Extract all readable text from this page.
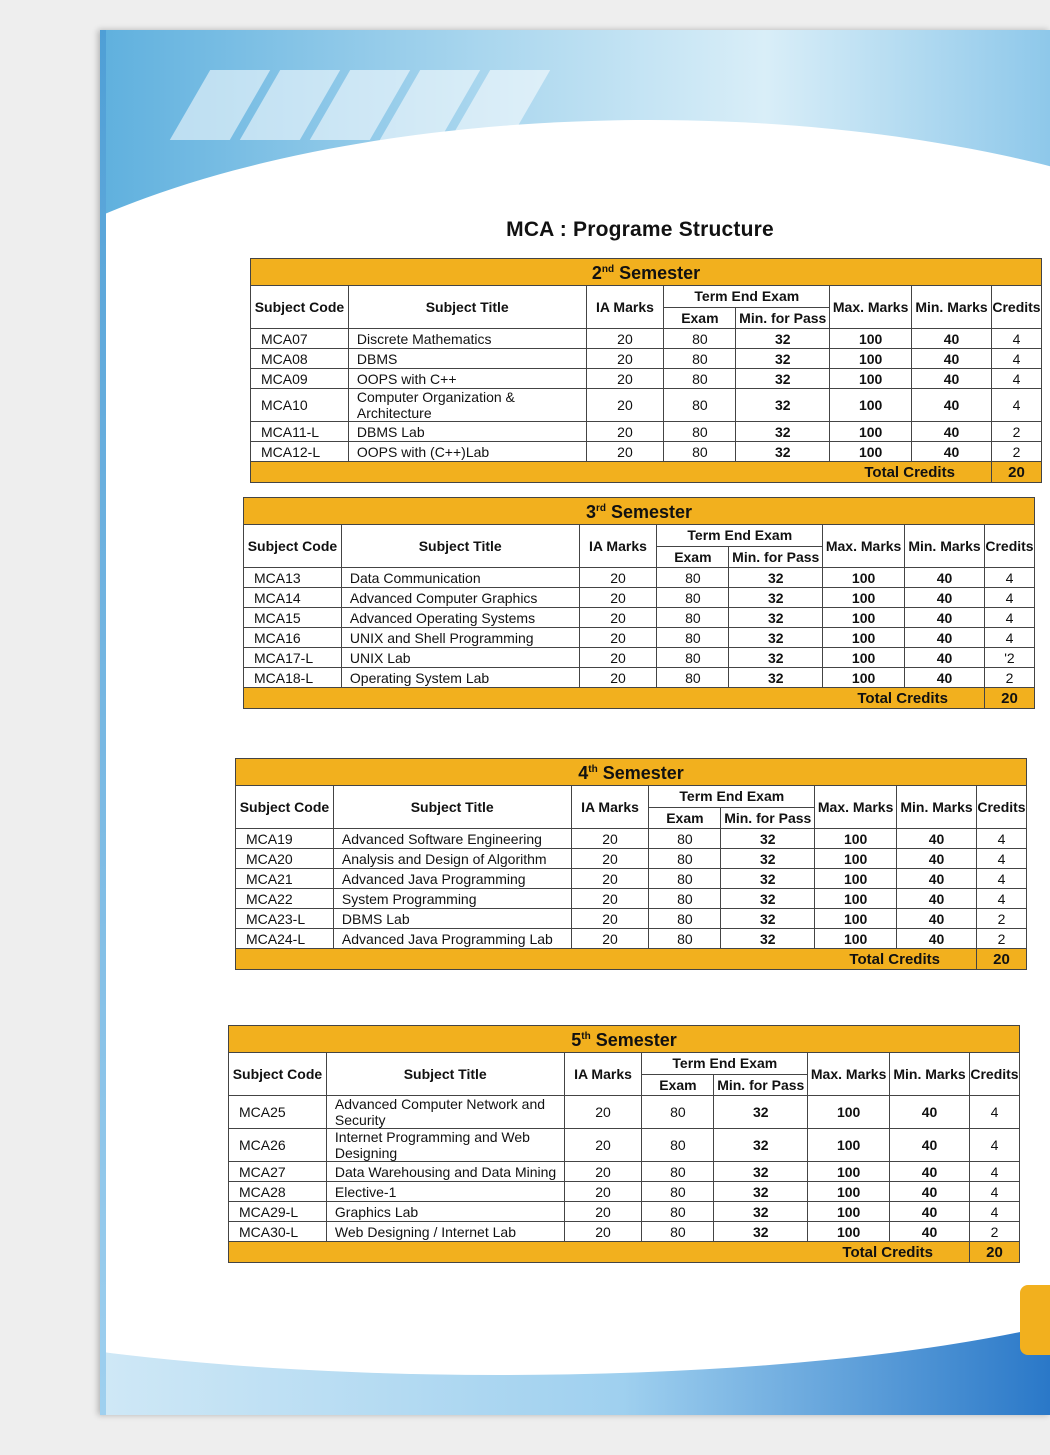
MCA : Programe Structure
2nd Semester							
Subject Code	Subject Title	IA Marks	Term End Exam		Max. Marks	Min. Marks	Credits
			Exam	Min. for Pass			
MCA07	Discrete Mathematics	20	80	32	100	40	4
MCA08	DBMS	20	80	32	100	40	4
MCA09	OOPS with C++	20	80	32	100	40	4
MCA10	Computer Organization & Architecture	20	80	32	100	40	4
MCA11-L	DBMS Lab	20	80	32	100	40	2
MCA12-L	OOPS with (C++)Lab	20	80	32	100	40	2
Total Credits							20
3rd Semester							
Subject Code	Subject Title	IA Marks	Term End Exam		Max. Marks	Min. Marks	Credits
			Exam	Min. for Pass			
MCA13	Data Communication	20	80	32	100	40	4
MCA14	Advanced Computer Graphics	20	80	32	100	40	4
MCA15	Advanced Operating Systems	20	80	32	100	40	4
MCA16	UNIX and Shell Programming	20	80	32	100	40	4
MCA17-L	UNIX Lab	20	80	32	100	40	'2
MCA18-L	Operating System Lab	20	80	32	100	40	2
Total Credits							20
4th Semester							
Subject Code	Subject Title	IA Marks	Term End Exam		Max. Marks	Min. Marks	Credits
			Exam	Min. for Pass			
MCA19	Advanced Software Engineering	20	80	32	100	40	4
MCA20	Analysis and Design of Algorithm	20	80	32	100	40	4
MCA21	Advanced Java Programming	20	80	32	100	40	4
MCA22	System Programming	20	80	32	100	40	4
MCA23-L	DBMS Lab	20	80	32	100	40	2
MCA24-L	Advanced Java Programming Lab	20	80	32	100	40	2
Total Credits							20
5th Semester							
Subject Code	Subject Title	IA Marks	Term End Exam		Max. Marks	Min. Marks	Credits
			Exam	Min. for Pass			
MCA25	Advanced Computer Network and Security	20	80	32	100	40	4
MCA26	Internet Programming and Web Designing	20	80	32	100	40	4
MCA27	Data Warehousing and Data Mining	20	80	32	100	40	4
MCA28	Elective-1	20	80	32	100	40	4
MCA29-L	Graphics Lab	20	80	32	100	40	4
MCA30-L	Web Designing / Internet Lab	20	80	32	100	40	2
Total Credits							20
